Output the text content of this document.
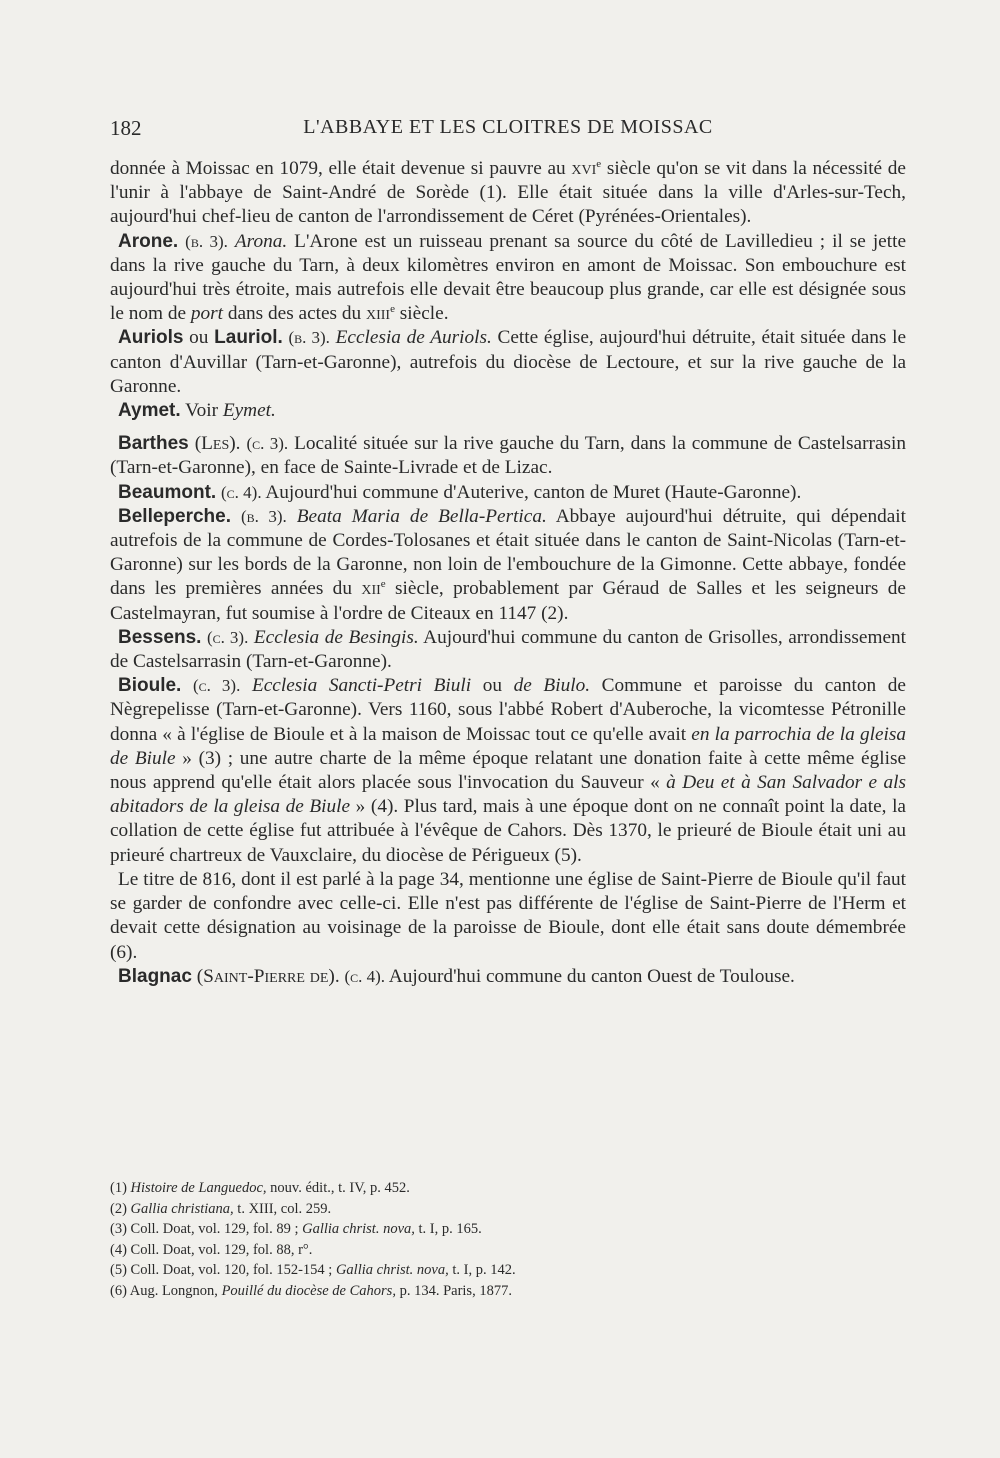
182	L'ABBAYE ET LES CLOITRES DE MOISSAC

donnée à Moissac en 1079, elle était devenue si pauvre au xvi$^e$ siècle qu'on se vit dans la nécessité de l'unir à l'abbaye de Saint-André de Sorède (1). Elle était située dans la ville d'Arles-sur-Tech, aujourd'hui chef-lieu de canton de l'arrondissement de Céret (Pyrénées-Orientales).

Arone. (b. 3). Arona. L'Arone est un ruisseau prenant sa source du côté de Lavilledieu ; il se jette dans la rive gauche du Tarn, à deux kilomètres environ en amont de Moissac. Son embouchure est aujourd'hui très étroite, mais autrefois elle devait être beaucoup plus grande, car elle est désignée sous le nom de port dans des actes du xiii$^e$ siècle.

Auriols ou Lauriol. (b. 3). Ecclesia de Auriols. Cette église, aujourd'hui détruite, était située dans le canton d'Auvillar (Tarn-et-Garonne), autrefois du diocèse de Lectoure, et sur la rive gauche de la Garonne.

Aymet. Voir Eymet.

Barthes (Les). (c. 3). Localité située sur la rive gauche du Tarn, dans la commune de Castelsarrasin (Tarn-et-Garonne), en face de Sainte-Livrade et de Lizac.

Beaumont. (c. 4). Aujourd'hui commune d'Auterive, canton de Muret (Haute-Garonne).

Belleperche. (b. 3). Beata Maria de Bella-Pertica. Abbaye aujourd'hui détruite, qui dépendait autrefois de la commune de Cordes-Tolosanes et était située dans le canton de Saint-Nicolas (Tarn-et-Garonne) sur les bords de la Garonne, non loin de l'embouchure de la Gimonne. Cette abbaye, fondée dans les premières années du xii$^e$ siècle, probablement par Géraud de Salles et les seigneurs de Castelmayran, fut soumise à l'ordre de Citeaux en 1147 (2).

Bessens. (c. 3). Ecclesia de Besingis. Aujourd'hui commune du canton de Grisolles, arrondissement de Castelsarrasin (Tarn-et-Garonne).

Bioule. (c. 3). Ecclesia Sancti-Petri Biuli ou de Biulo. Commune et paroisse du canton de Nègrepelisse (Tarn-et-Garonne). Vers 1160, sous l'abbé Robert d'Auberoche, la vicomtesse Pétronille donna « à l'église de Bioule et à la maison de Moissac tout ce qu'elle avait en la parrochia de la gleisa de Biule » (3) ; une autre charte de la même époque relatant une donation faite à cette même église nous apprend qu'elle était alors placée sous l'invocation du Sauveur « à Deu et à San Salvador e als abitadors de la gleisa de Biule » (4). Plus tard, mais à une époque dont on ne connaît point la date, la collation de cette église fut attribuée à l'évêque de Cahors. Dès 1370, le prieuré de Bioule était uni au prieuré chartreux de Vauxclaire, du diocèse de Périgueux (5).

Le titre de 816, dont il est parlé à la page 34, mentionne une église de Saint-Pierre de Bioule qu'il faut se garder de confondre avec celle-ci. Elle n'est pas différente de l'église de Saint-Pierre de l'Herm et devait cette désignation au voisinage de la paroisse de Bioule, dont elle était sans doute démembrée (6).

Blagnac (Saint-Pierre de). (c. 4). Aujourd'hui commune du canton Ouest de Toulouse.

(1) Histoire de Languedoc, nouv. édit., t. IV, p. 452.

(2) Gallia christiana, t. XIII, col. 259.

(3) Coll. Doat, vol. 129, fol. 89 ; Gallia christ. nova, t. I, p. 165.

(4) Coll. Doat, vol. 129, fol. 88, r°.

(5) Coll. Doat, vol. 120, fol. 152-154 ; Gallia christ. nova, t. I, p. 142.

(6) Aug. Longnon, Pouillé du diocèse de Cahors, p. 134. Paris, 1877.
